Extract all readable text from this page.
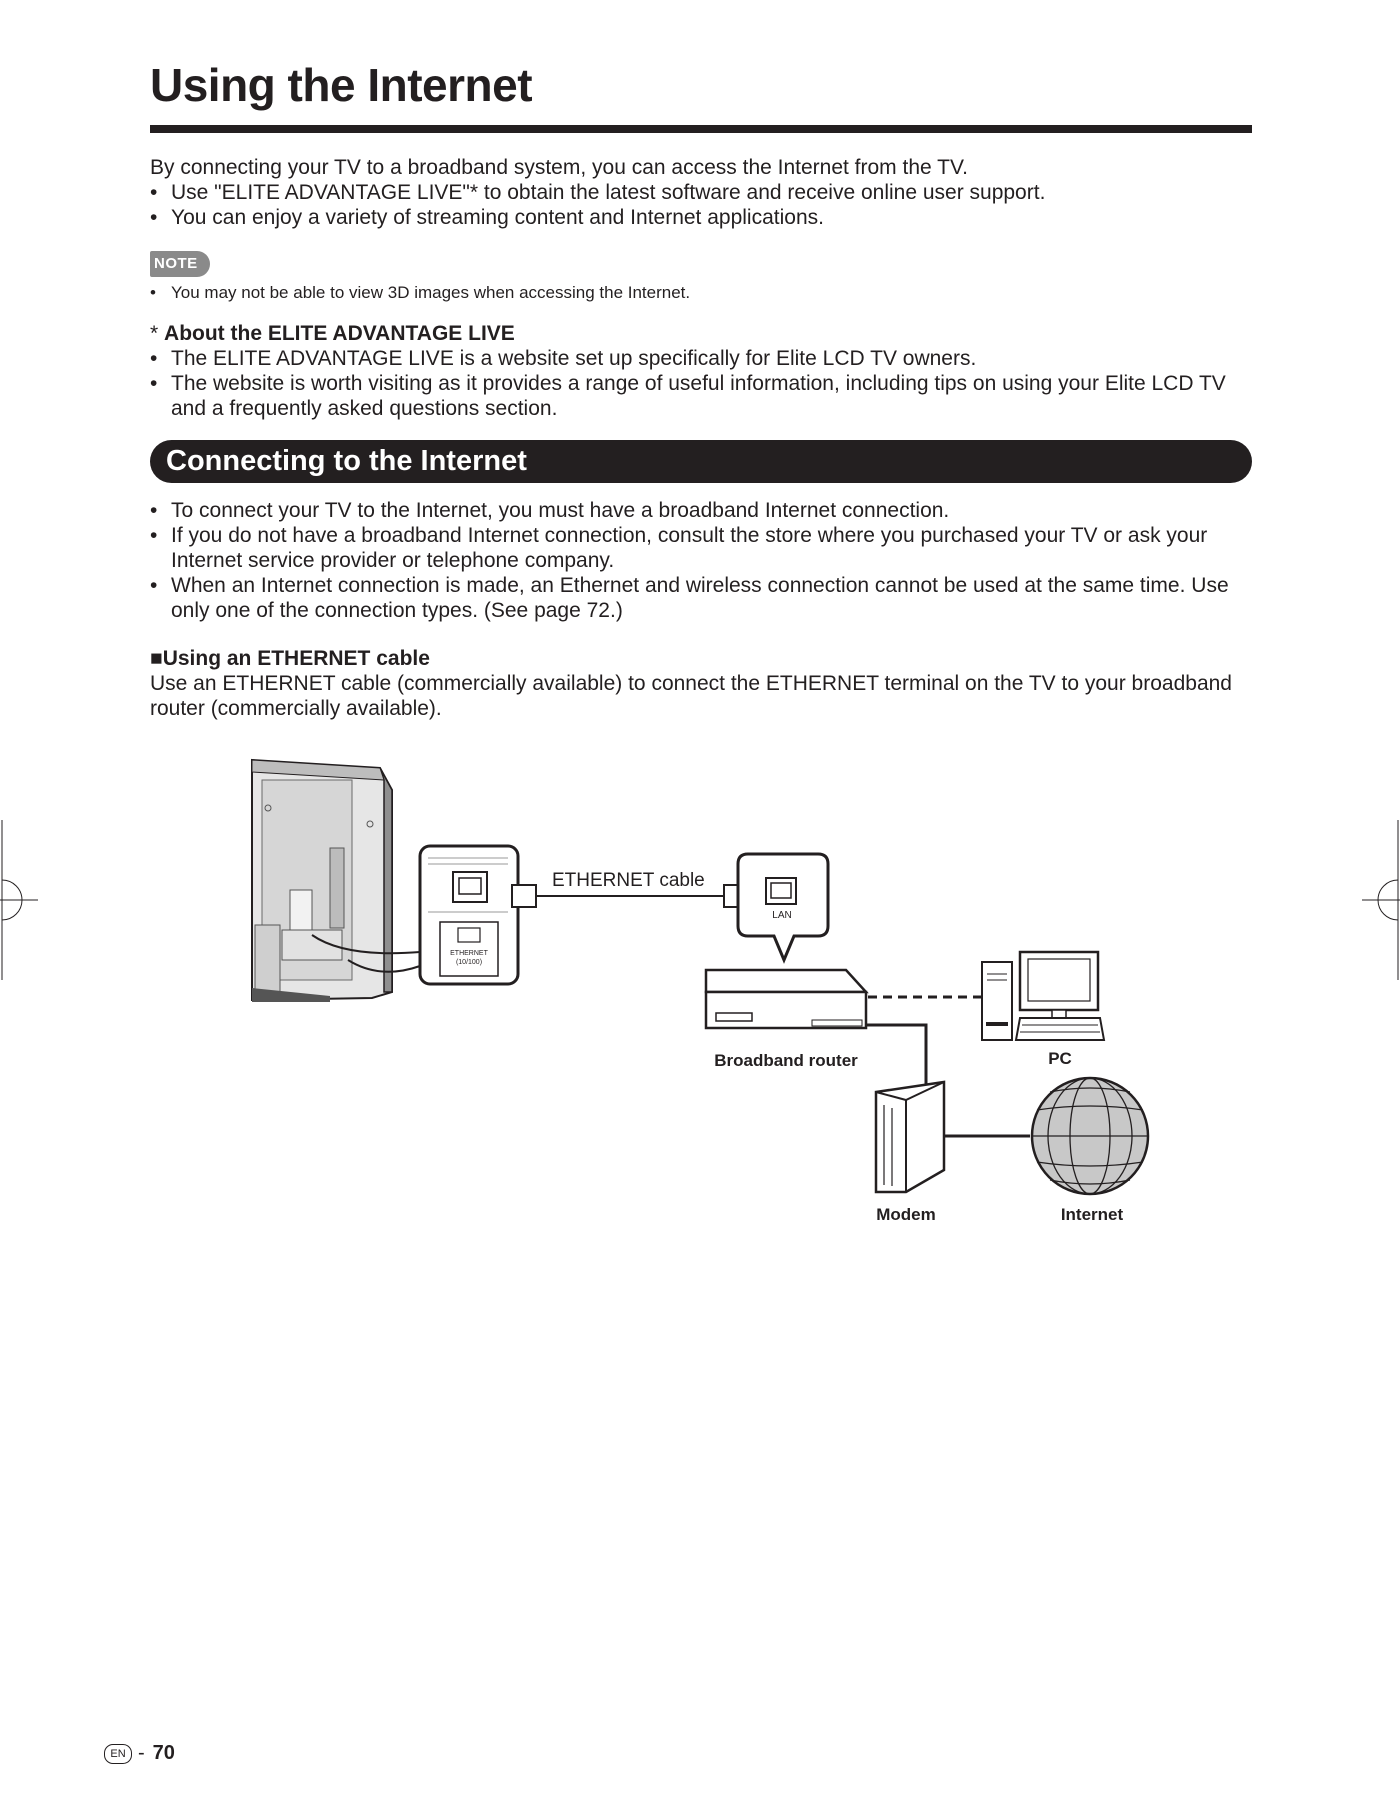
Using the Internet

By connecting your TV to a broadband system, you can access the Internet from the TV.

• Use "ELITE ADVANTAGE LIVE"* to obtain the latest software and receive online user support.

• You can enjoy a variety of streaming content and Internet applications.

NOTE

• You may not be able to view 3D images when accessing the Internet.

* About the ELITE ADVANTAGE LIVE

• The ELITE ADVANTAGE LIVE is a website set up specifically for Elite LCD TV owners.

• The website is worth visiting as it provides a range of useful information, including tips on using your Elite LCD TV and a frequently asked questions section.

Connecting to the Internet

• To connect your TV to the Internet, you must have a broadband Internet connection.

• If you do not have a broadband Internet connection, consult the store where you purchased your TV or ask your Internet service provider or telephone company.

• When an Internet connection is made, an Ethernet and wireless connection cannot be used at the same time. Use only one of the connection types. (See page 72.)

■Using an ETHERNET cable

Use an ETHERNET cable (commercially available) to connect the ETHERNET terminal on the TV to your broadband router (commercially available).

ETHERNET
(10/100)
ETHERNET cable
LAN
Broadband router	PC
Modem	Internet
EN - 70
